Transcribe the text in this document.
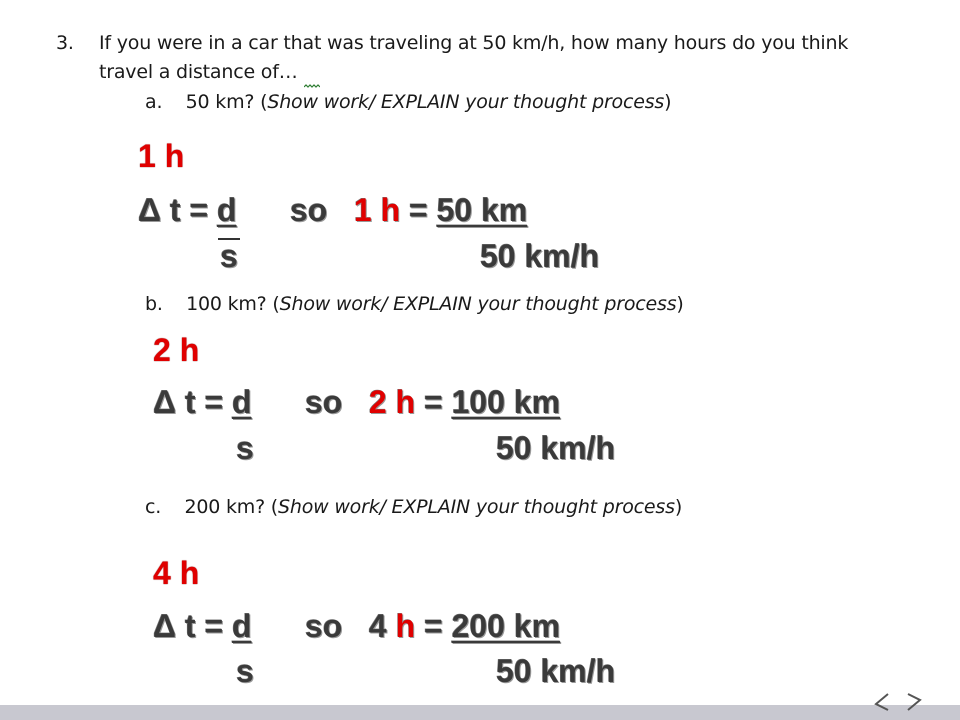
3. If you were in a car that was traveling at 50 km/h, how many hours do you think
travel a distance of…
a. 50 km? (Show work/ EXPLAIN your thought process)
1 h
Δ t = d so 1 h = 50 km
s	50 km/h
b. 100 km? (Show work/ EXPLAIN your thought process)
2 h
Δ t = d so 2 h = 100 km
s	50 km/h
c. 200 km? (Show work/ EXPLAIN your thought process)
4 h
Δ t = d so 4 h = 200 km
s	50 km/h
